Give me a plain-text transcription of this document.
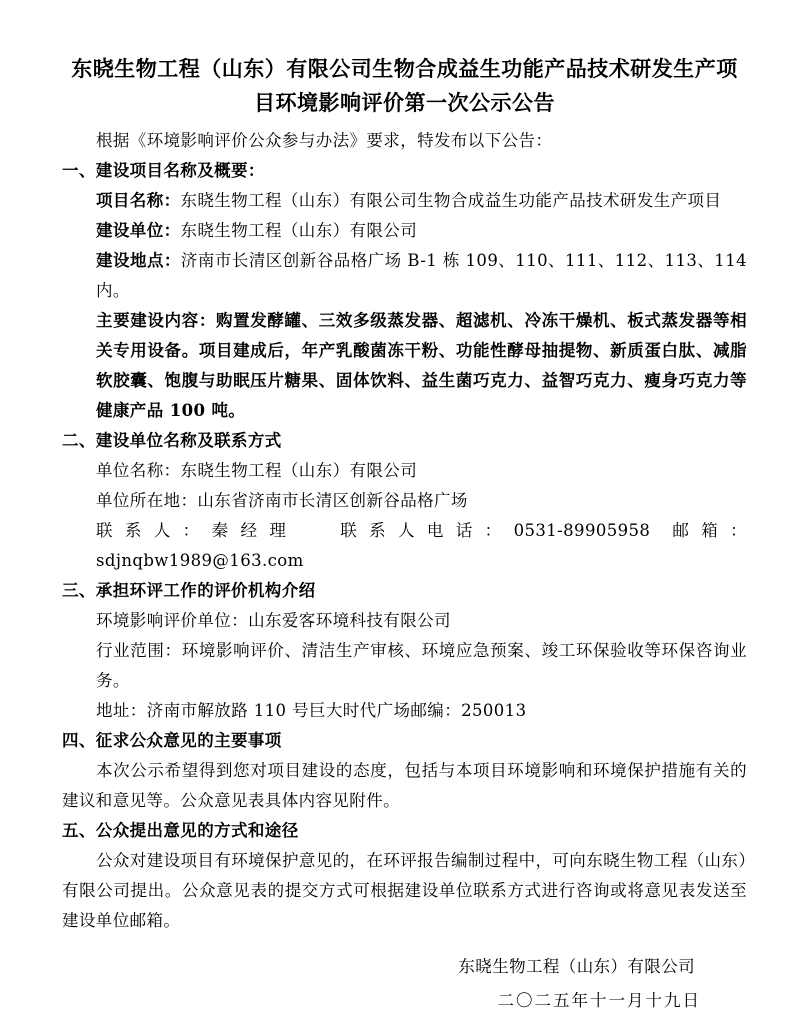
东晓生物工程（山东）有限公司生物合成益生功能产品技术研发生产项目环境影响评价第一次公示公告

根据《环境影响评价公众参与办法》要求，特发布以下公告：

一、建设项目名称及概要：

项目名称：东晓生物工程（山东）有限公司生物合成益生功能产品技术研发生产项目

建设单位：东晓生物工程（山东）有限公司

建设地点：济南市长清区创新谷品格广场 B-1 栋 109、110、111、112、113、114 内。

主要建设内容：购置发酵罐、三效多级蒸发器、超滤机、冷冻干燥机、板式蒸发器等相关专用设备。项目建成后，年产乳酸菌冻干粉、功能性酵母抽提物、新质蛋白肽、减脂软胶囊、饱腹与助眠压片糖果、固体饮料、益生菌巧克力、益智巧克力、瘦身巧克力等健康产品 100 吨。

二、建设单位名称及联系方式

单位名称：东晓生物工程（山东）有限公司

单位所在地：山东省济南市长清区创新谷品格广场

联系人：秦经理 联系人电话：0531-89905958 邮箱：sdjnqbw1989@163.com

三、承担环评工作的评价机构介绍

环境影响评价单位：山东爱客环境科技有限公司

行业范围：环境影响评价、清洁生产审核、环境应急预案、竣工环保验收等环保咨询业务。

地址：济南市解放路 110 号巨大时代广场邮编：250013

四、征求公众意见的主要事项

本次公示希望得到您对项目建设的态度，包括与本项目环境影响和环境保护措施有关的建议和意见等。公众意见表具体内容见附件。

五、公众提出意见的方式和途径

公众对建设项目有环境保护意见的，在环评报告编制过程中，可向东晓生物工程（山东）有限公司提出。公众意见表的提交方式可根据建设单位联系方式进行咨询或将意见表发送至建设单位邮箱。

东晓生物工程（山东）有限公司
二〇二五年十一月十九日
